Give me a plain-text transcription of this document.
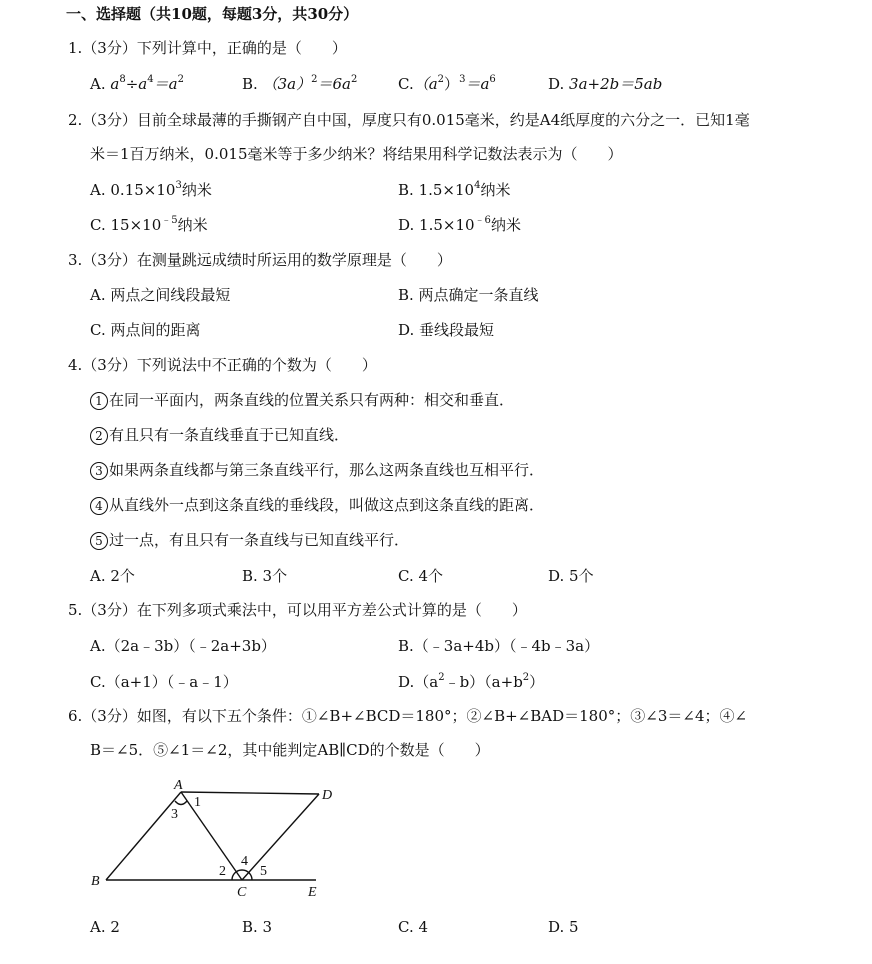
一、选择题（共10题，每题3分，共30分）
1.（3分）下列计算中，正确的是（　　）
A. $a^8\div a^4=a^2$	B. $(3a)^2=6a^2$	$C.(a^2)^3=a^6$	D. 3a+2b＝5ab
2.（3分）目前全球最薄的手撕钢产自中国，厚度只有0.015毫米，约是A4纸厚度的六分之一．已知1毫
米＝1百万纳米，0.015毫米等于多少纳米？将结果用科学记数法表示为（　　）
A. $0.15\times 10^3$纳米	B. $1.5\times 10^4$纳米
C. $15\times 10^{﹣5}$纳米	D. $1.5\times 10^{﹣6}$纳米
3.（3分）在测量跳远成绩时所运用的数学原理是（　　）
A. 两点之间线段最短	B. 两点确定一条直线
C. 两点间的距离	D. 垂线段最短
4.（3分）下列说法中不正确的个数为（　　）
1 在同一平面内，两条直线的位置关系只有两种：相交和垂直．
2 有且只有一条直线垂直于已知直线．
3 如果两条直线都与第三条直线平行，那么这两条直线也互相平行．
4 从直线外一点到这条直线的垂线段，叫做这点到这条直线的距离．
5 过一点，有且只有一条直线与已知直线平行．
A. 2个	B. 3个	C. 4个	D. 5个
5.（3分）在下列多项式乘法中，可以用平方差公式计算的是（　　）
A.（2a﹣3b）（﹣2a+3b）	B.（﹣3a+4b）（﹣4b﹣3a）
C.（a+1）（﹣a﹣1）	$D.(a^2﹣b)(a+b^2)$
6.（3分）如图，有以下五个条件：①∠B+∠BCD＝180°；②∠B+∠BAD＝180°；③∠3＝∠4；④∠
B＝∠5．⑤∠1＝∠2，其中能判定AB∥CD的个数是（　　）
A
B
C
D
E
1
2
3
4
5
A. 2	B. 3	C. 4	D. 5
